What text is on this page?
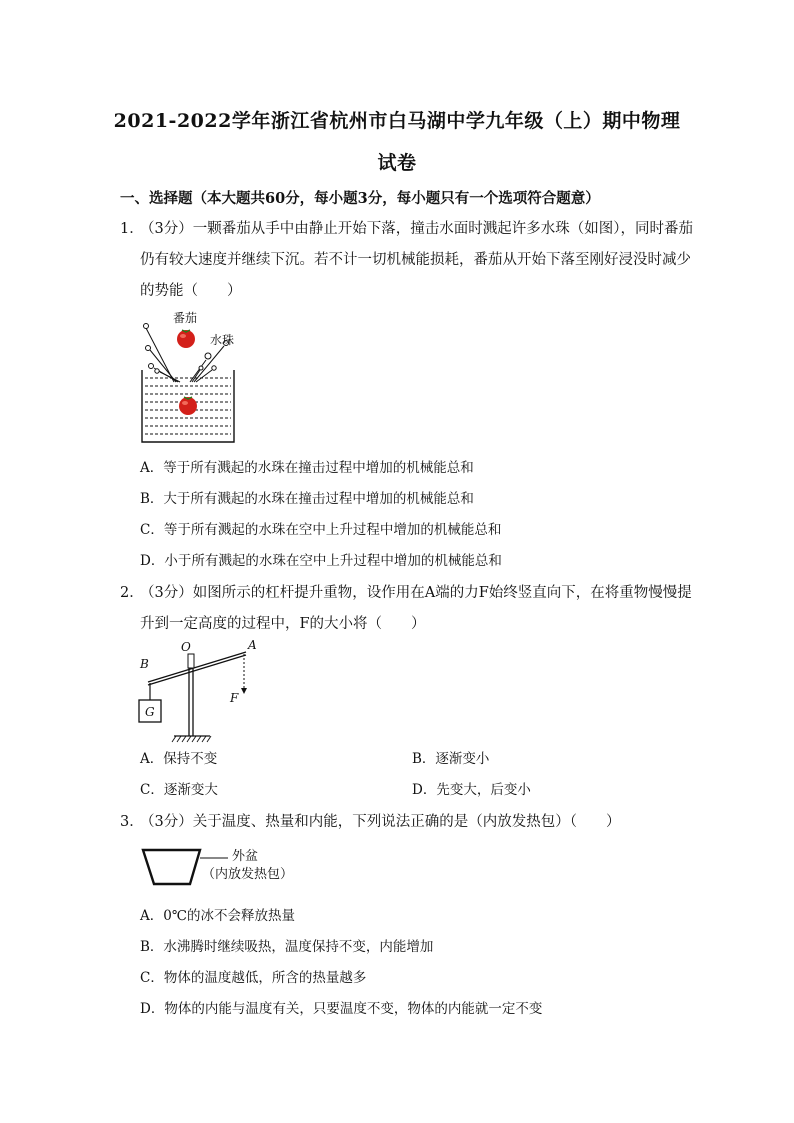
2021-2022学年浙江省杭州市白马湖中学九年级（上）期中物理
试卷
一、选择题（本大题共60分，每小题3分，每小题只有一个选项符合题意）
1．
（3分）一颗番茄从手中由静止开始下落，撞击水面时溅起许多水珠（如图），同时番茄
仍有较大速度并继续下沉。若不计一切机械能损耗，番茄从开始下落至刚好浸没时减少
的势能（　　）
番茄
水珠
A．等于所有溅起的水珠在撞击过程中增加的机械能总和
B．大于所有溅起的水珠在撞击过程中增加的机械能总和
C．等于所有溅起的水珠在空中上升过程中增加的机械能总和
D．小于所有溅起的水珠在空中上升过程中增加的机械能总和
2．
（3分）如图所示的杠杆提升重物，设作用在A端的力F始终竖直向下，在将重物慢慢提
升到一定高度的过程中，F的大小将（　　）
B
O	A
F
G
A．保持不变	B．逐渐变小
C．逐渐变大	D．先变大，后变小
3．
（3分）关于温度、热量和内能，下列说法正确的是（内放发热包）（　　）
外盆
（内放发热包）
A．0℃的冰不会释放热量
B．水沸腾时继续吸热，温度保持不变，内能增加
C．物体的温度越低，所含的热量越多
D．物体的内能与温度有关，只要温度不变，物体的内能就一定不变
